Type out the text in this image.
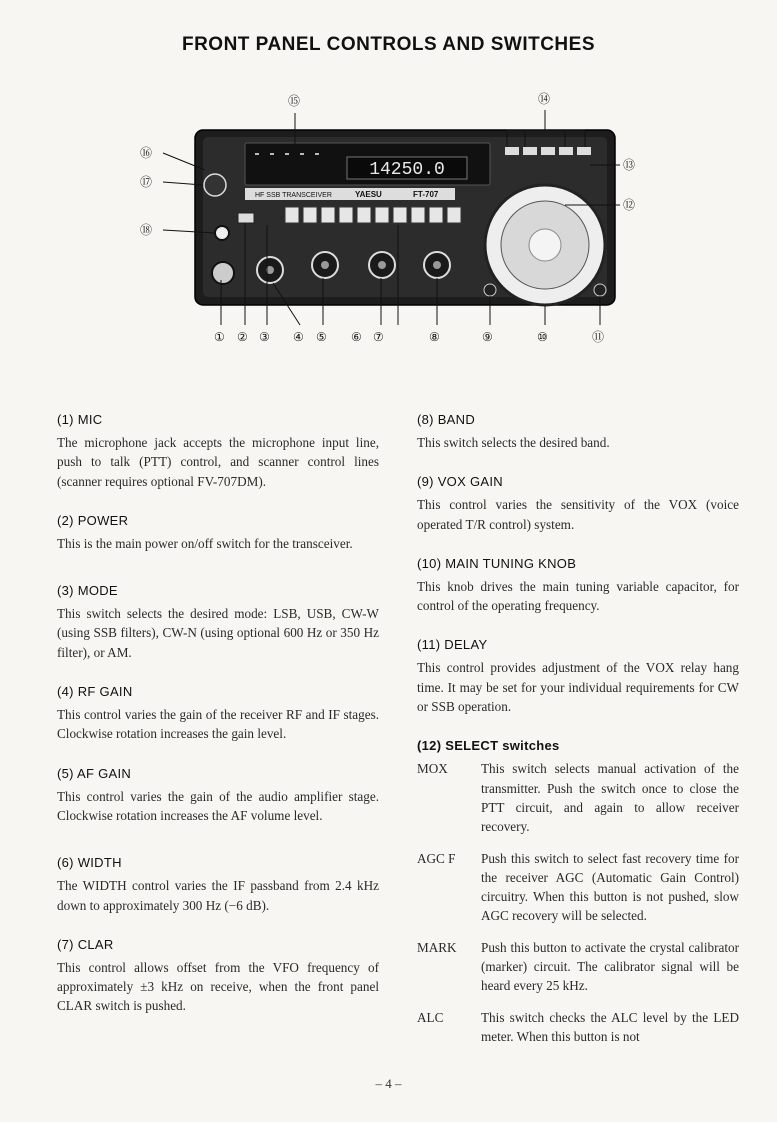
FRONT PANEL CONTROLS AND SWITCHES
14250.0
HF SSB TRANSCEIVER	YAESU	FT-707
① ② ③ ④ ⑤ ⑥ ⑦	⑧	⑨	⑩	⑪
⑫
⑬
⑭
⑮
⑯
⑰
⑱
(1) MIC

The microphone jack accepts the microphone input line, push to talk (PTT) control, and scanner control lines (scanner requires optional FV-707DM).

(2) POWER

This is the main power on/off switch for the transceiver.

(3) MODE

This switch selects the desired mode: LSB, USB, CW-W (using SSB filters), CW-N (using optional 600 Hz or 350 Hz filter), or AM.

(4) RF GAIN

This control varies the gain of the receiver RF and IF stages. Clockwise rotation increases the gain level.

(5) AF GAIN

This control varies the gain of the audio amplifier stage. Clockwise rotation increases the AF volume level.

(6) WIDTH

The WIDTH control varies the IF passband from 2.4 kHz down to approximately 300 Hz (−6 dB).

(7) CLAR

This control allows offset from the VFO frequency of approximately ±3 kHz on receive, when the front panel CLAR switch is pushed.

(8) BAND

This switch selects the desired band.

(9) VOX GAIN

This control varies the sensitivity of the VOX (voice operated T/R control) system.

(10) MAIN TUNING KNOB

This knob drives the main tuning variable capacitor, for control of the operating frequency.

(11) DELAY

This control provides adjustment of the VOX relay hang time. It may be set for your individual requirements for CW or SSB operation.

(12) SELECT switches
MOX	This switch selects manual activation of the transmitter. Push the switch once to close the PTT circuit, and again to allow receiver recovery.
AGC F	Push this switch to select fast recovery time for the receiver AGC (Automatic Gain Control) circuitry. When this button is not pushed, slow AGC recovery will be selected.
MARK	Push this button to activate the crystal calibrator (marker) circuit. The calibrator signal will be heard every 25 kHz.
ALC	This switch checks the ALC level by the LED meter. When this button is not
– 4 –
